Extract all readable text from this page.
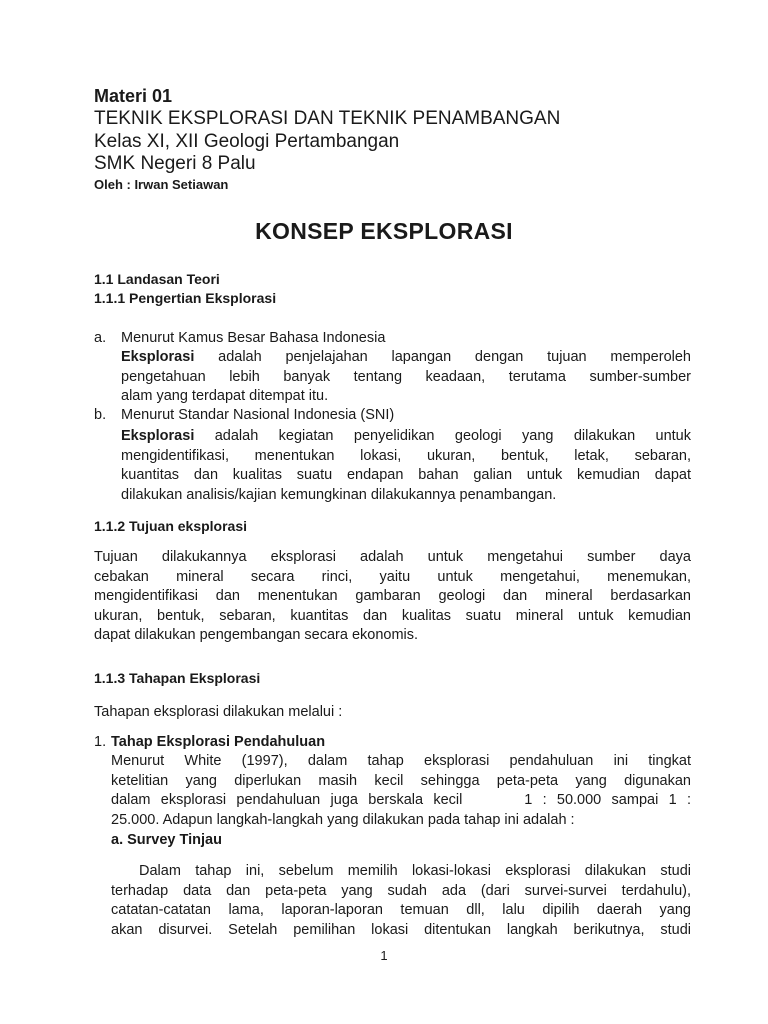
Materi 01
TEKNIK EKSPLORASI DAN TEKNIK PENAMBANGAN
Kelas XI, XII Geologi Pertambangan
SMK Negeri 8 Palu
Oleh : Irwan Setiawan
KONSEP EKSPLORASI
1.1 Landasan Teori
1.1.1 Pengertian Eksplorasi
a. Menurut Kamus Besar Bahasa Indonesia
Eksplorasi adalah penjelajahan lapangan dengan tujuan memperoleh
pengetahuan lebih banyak tentang keadaan, terutama sumber-sumber
alam yang terdapat ditempat itu.
b. Menurut Standar Nasional Indonesia (SNI)
Eksplorasi adalah kegiatan penyelidikan geologi yang dilakukan untuk
mengidentifikasi, menentukan lokasi, ukuran, bentuk, letak, sebaran,
kuantitas dan kualitas suatu endapan bahan galian untuk kemudian dapat
dilakukan analisis/kajian kemungkinan dilakukannya penambangan.
1.1.2 Tujuan eksplorasi
Tujuan dilakukannya eksplorasi adalah untuk mengetahui sumber daya
cebakan mineral secara rinci, yaitu untuk mengetahui, menemukan,
mengidentifikasi dan menentukan gambaran geologi dan mineral berdasarkan
ukuran, bentuk, sebaran, kuantitas dan kualitas suatu mineral untuk kemudian
dapat dilakukan pengembangan secara ekonomis.
1.1.3 Tahapan Eksplorasi
Tahapan eksplorasi dilakukan melalui :
1. Tahap Eksplorasi Pendahuluan
Menurut White (1997), dalam tahap eksplorasi pendahuluan ini tingkat
ketelitian yang diperlukan masih kecil sehingga peta-peta yang digunakan
dalam eksplorasi pendahuluan juga berskala kecil      1 : 50.000 sampai 1 :
25.000. Adapun langkah-langkah yang dilakukan pada tahap ini adalah :
a. Survey Tinjau
Dalam tahap ini, sebelum memilih lokasi-lokasi eksplorasi dilakukan studi
terhadap data dan peta-peta yang sudah ada (dari survei-survei terdahulu),
catatan-catatan lama, laporan-laporan temuan dll, lalu dipilih daerah yang
akan disurvei. Setelah pemilihan lokasi ditentukan langkah berikutnya, studi
1
